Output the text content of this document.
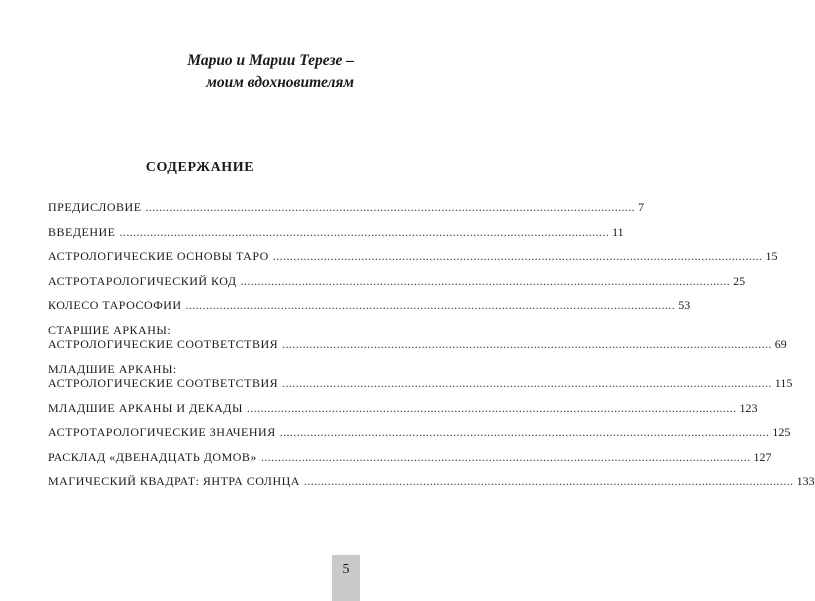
Марио и Марии Терезе –
моим вдохновителям
СОДЕРЖАНИЕ
ПРЕДИСЛОВИЕ ................................................................................................................................................ 7
ВВЕДЕНИЕ ................................................................................................................................................ 11
АСТРОЛОГИЧЕСКИЕ ОСНОВЫ ТАРО ................................................................................................................................................ 15
АСТРОТАРОЛОГИЧЕСКИЙ КОД ................................................................................................................................................ 25
КОЛЕСО ТАРОСОФИИ ................................................................................................................................................ 53
СТАРШИЕ АРКАНЫ:
АСТРОЛОГИЧЕСКИЕ СООТВЕТСТВИЯ ................................................................................................................................................ 69
МЛАДШИЕ АРКАНЫ:
АСТРОЛОГИЧЕСКИЕ СООТВЕТСТВИЯ ................................................................................................................................................ 115
МЛАДШИЕ АРКАНЫ И ДЕКАДЫ ................................................................................................................................................ 123
АСТРОТАРОЛОГИЧЕСКИЕ ЗНАЧЕНИЯ ................................................................................................................................................ 125
РАСКЛАД «ДВЕНАДЦАТЬ ДОМОВ» ................................................................................................................................................ 127
МАГИЧЕСКИЙ КВАДРАТ: ЯНТРА СОЛНЦА ................................................................................................................................................ 133
5
